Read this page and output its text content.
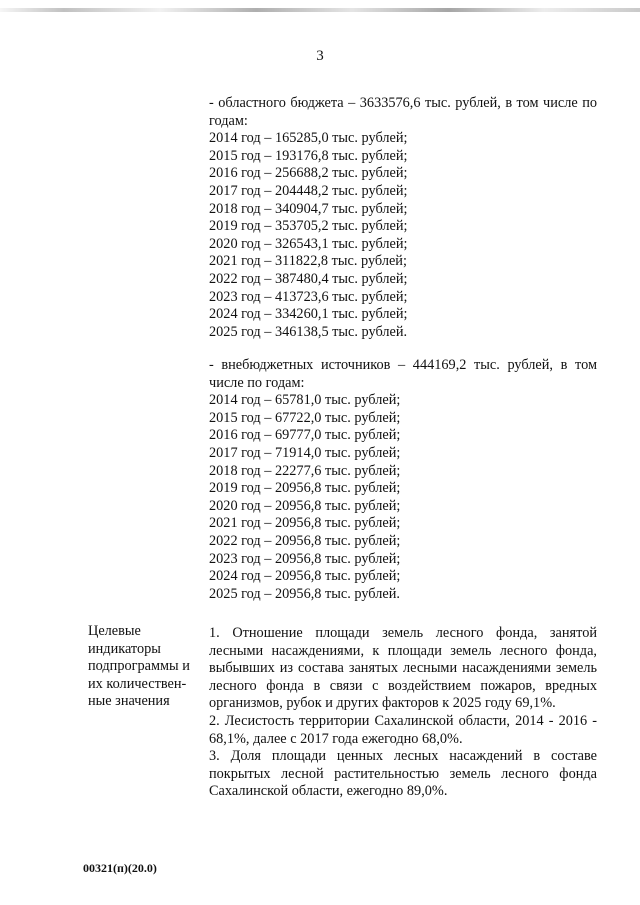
3
- областного бюджета – 3633576,6 тыс. рублей, в том числе по годам:
2014 год – 165285,0 тыс. рублей;
2015 год – 193176,8 тыс. рублей;
2016 год – 256688,2 тыс. рублей;
2017 год – 204448,2 тыс. рублей;
2018 год – 340904,7 тыс. рублей;
2019 год – 353705,2 тыс. рублей;
2020 год – 326543,1 тыс. рублей;
2021 год – 311822,8 тыс. рублей;
2022 год – 387480,4 тыс. рублей;
2023 год – 413723,6 тыс. рублей;
2024 год – 334260,1 тыс. рублей;
2025 год – 346138,5 тыс. рублей.
- внебюджетных источников – 444169,2 тыс. рублей, в том числе по годам:
2014 год – 65781,0 тыс. рублей;
2015 год – 67722,0 тыс. рублей;
2016 год – 69777,0 тыс. рублей;
2017 год – 71914,0 тыс. рублей;
2018 год – 22277,6 тыс. рублей;
2019 год – 20956,8 тыс. рублей;
2020 год – 20956,8 тыс. рублей;
2021 год – 20956,8 тыс. рублей;
2022 год – 20956,8 тыс. рублей;
2023 год – 20956,8 тыс. рублей;
2024 год – 20956,8 тыс. рублей;
2025 год – 20956,8 тыс. рублей.
Целевые
индикаторы
подпрограммы и
их количествен-
ные значения

1. Отношение площади земель лесного фонда, занятой лесными насаждениями, к площади земель лесного фонда, выбывших из состава занятых лесными насаждениями земель лесного фонда в связи с воздействием пожаров, вредных организмов, рубок и других факторов к 2025 году 69,1%.

2. Лесистость территории Сахалинской области, 2014 - 2016 - 68,1%, далее с 2017 года ежегодно 68,0%.

3. Доля площади ценных лесных насаждений в составе покрытых лесной растительностью земель лесного фонда Сахалинской области, ежегодно 89,0%.

00321(п)(20.0)
